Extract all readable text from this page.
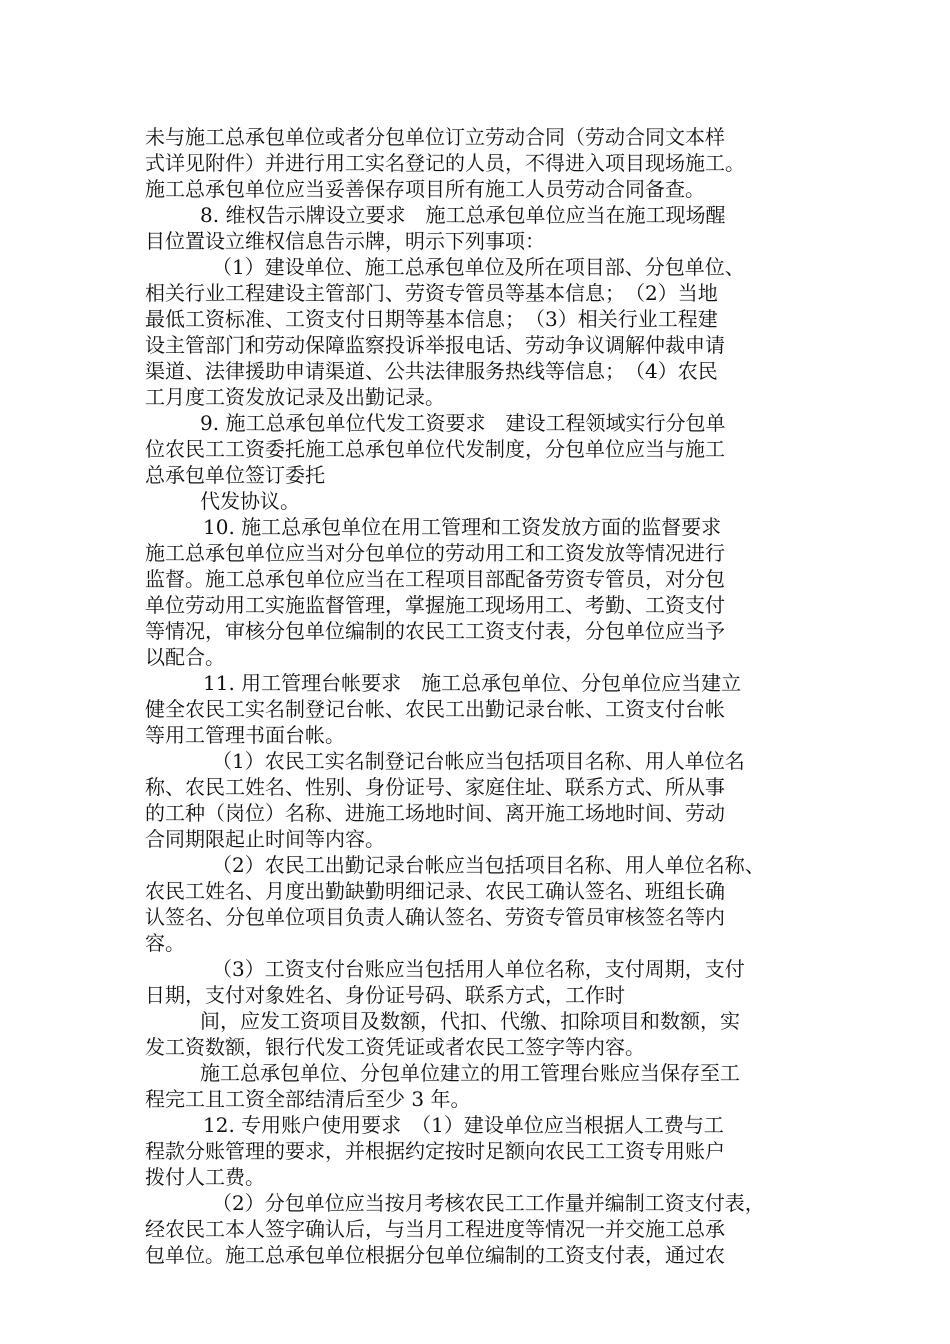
未与施工总承包单位或者分包单位订立劳动合同（劳动合同文本样

式详见附件）并进行用工实名登记的人员，不得进入项目现场施工。

施工总承包单位应当妥善保存项目所有施工人员劳动合同备查。

8. 维权告示牌设立要求　施工总承包单位应当在施工现场醒

目位置设立维权信息告示牌，明示下列事项：

（1）建设单位、施工总承包单位及所在项目部、分包单位、

相关行业工程建设主管部门、劳资专管员等基本信息；　（2）当地

最低工资标准、工资支付日期等基本信息；　（3）相关行业工程建

设主管部门和劳动保障监察投诉举报电话、劳动争议调解仲裁申请

渠道、法律援助申请渠道、公共法律服务热线等信息；　（4）农民

工月度工资发放记录及出勤记录。

9. 施工总承包单位代发工资要求　建设工程领域实行分包单

位农民工工资委托施工总承包单位代发制度，分包单位应当与施工

总承包单位签订委托

代发协议。

10. 施工总承包单位在用工管理和工资发放方面的监督要求

施工总承包单位应当对分包单位的劳动用工和工资发放等情况进行

监督。施工总承包单位应当在工程项目部配备劳资专管员，对分包

单位劳动用工实施监督管理，掌握施工现场用工、考勤、工资支付

等情况，审核分包单位编制的农民工工资支付表，分包单位应当予

以配合。

11. 用工管理台帐要求　施工总承包单位、分包单位应当建立

健全农民工实名制登记台帐、农民工出勤记录台帐、工资支付台帐

等用工管理书面台帐。

（1）农民工实名制登记台帐应当包括项目名称、用人单位名

称、农民工姓名、性别、身份证号、家庭住址、联系方式、所从事

的工种（岗位）名称、进施工场地时间、离开施工场地时间、劳动

合同期限起止时间等内容。

（2）农民工出勤记录台帐应当包括项目名称、用人单位名称、

农民工姓名、月度出勤缺勤明细记录、农民工确认签名、班组长确

认签名、分包单位项目负责人确认签名、劳资专管员审核签名等内

容。

（3）工资支付台账应当包括用人单位名称，支付周期，支付

日期，支付对象姓名、身份证号码、联系方式，工作时

间，应发工资项目及数额，代扣、代缴、扣除项目和数额，实

发工资数额，银行代发工资凭证或者农民工签字等内容。

施工总承包单位、分包单位建立的用工管理台账应当保存至工

程完工且工资全部结清后至少 3 年。

12. 专用账户使用要求　（1）建设单位应当根据人工费与工

程款分账管理的要求，并根据约定按时足额向农民工工资专用账户

拨付人工费。

（2）分包单位应当按月考核农民工工作量并编制工资支付表，

经农民工本人签字确认后，与当月工程进度等情况一并交施工总承

包单位。施工总承包单位根据分包单位编制的工资支付表，通过农
